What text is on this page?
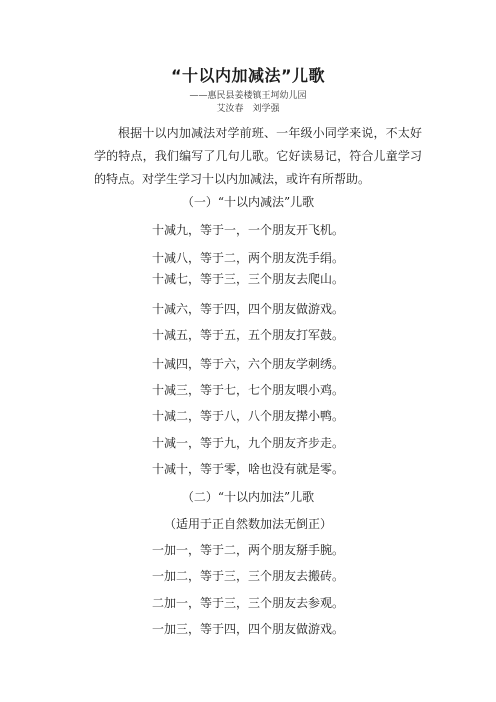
“十以内加减法”儿歌
——惠民县姜楼镇王坷幼儿园
艾汝春　刘学强

根据十以内加减法对学前班、一年级小同学来说，不太好学的特点，我们编写了几句儿歌。它好读易记，符合儿童学习的特点。对学生学习十以内加减法，或许有所帮助。

（一）“十以内减法”儿歌
十减九，等于一，一个朋友开飞机。
十减八，等于二，两个朋友洗手绢。
十减七，等于三，三个朋友去爬山。
十减六，等于四，四个朋友做游戏。
十减五，等于五，五个朋友打军鼓。
十减四，等于六，六个朋友学刺绣。
十减三，等于七，七个朋友喂小鸡。
十减二，等于八，八个朋友撵小鸭。
十减一，等于九，九个朋友齐步走。
十减十，等于零，啥也没有就是零。
（二）“十以内加法”儿歌
（适用于正自然数加法无倒正）
一加一，等于二，两个朋友掰手腕。
一加二，等于三，三个朋友去搬砖。
二加一，等于三，三个朋友去参观。
一加三，等于四，四个朋友做游戏。
